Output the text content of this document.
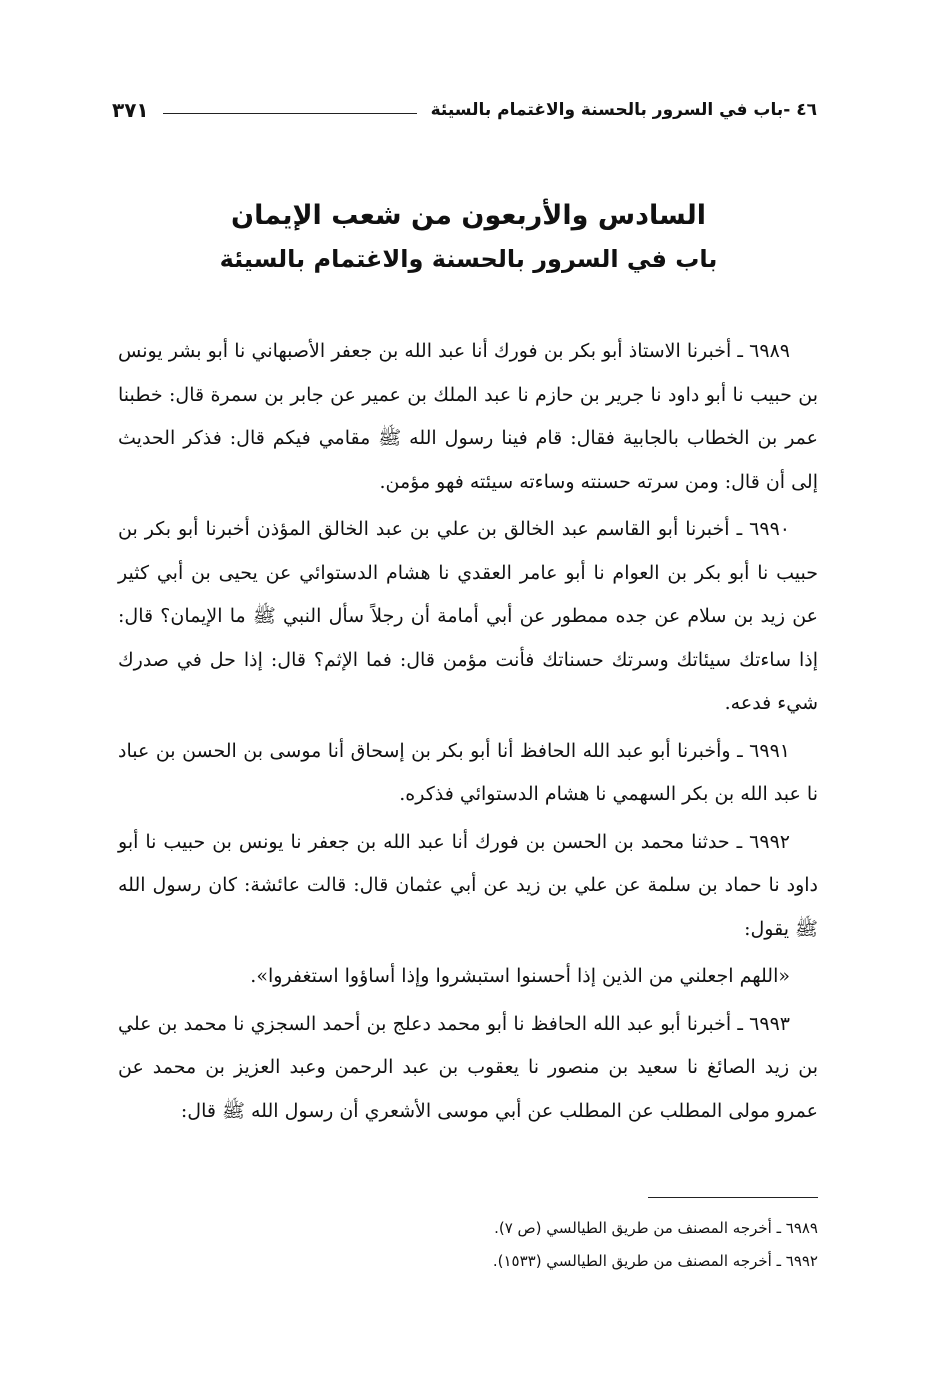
٤٦ -باب في السرور بالحسنة والاغتمام بالسيئة
٣٧١
السادس والأربعون من شعب الإيمان
باب في السرور بالحسنة والاغتمام بالسيئة

٦٩٨٩ ـ أخبرنا الاستاذ أبو بكر بن فورك أنا عبد الله بن جعفر الأصبهاني نا أبو بشر يونس بن حبيب نا أبو داود نا جرير بن حازم نا عبد الملك بن عمير عن جابر بن سمرة قال: خطبنا عمر بن الخطاب بالجابية فقال: قام فينا رسول الله ﷺ مقامي فيكم قال: فذكر الحديث إلى أن قال: ومن سرته حسنته وساءته سيئته فهو مؤمن.

٦٩٩٠ ـ أخبرنا أبو القاسم عبد الخالق بن علي بن عبد الخالق المؤذن أخبرنا أبو بكر بن حبيب نا أبو بكر بن العوام نا أبو عامر العقدي نا هشام الدستوائي عن يحيى بن أبي كثير عن زيد بن سلام عن جده ممطور عن أبي أمامة أن رجلاً سأل النبي ﷺ ما الإيمان؟ قال: إذا ساءتك سيئاتك وسرتك حسناتك فأنت مؤمن قال: فما الإثم؟ قال: إذا حل في صدرك شيء فدعه.

٦٩٩١ ـ وأخبرنا أبو عبد الله الحافظ أنا أبو بكر بن إسحاق أنا موسى بن الحسن بن عباد نا عبد الله بن بكر السهمي نا هشام الدستوائي فذكره.

٦٩٩٢ ـ حدثنا محمد بن الحسن بن فورك أنا عبد الله بن جعفر نا يونس بن حبيب نا أبو داود نا حماد بن سلمة عن علي بن زيد عن أبي عثمان قال: قالت عائشة: كان رسول الله ﷺ يقول:

«اللهم اجعلني من الذين إذا أحسنوا استبشروا وإذا أساؤوا استغفروا».

٦٩٩٣ ـ أخبرنا أبو عبد الله الحافظ نا أبو محمد دعلج بن أحمد السجزي نا محمد بن علي بن زيد الصائغ نا سعيد بن منصور نا يعقوب بن عبد الرحمن وعبد العزيز بن محمد عن عمرو مولى المطلب عن المطلب عن أبي موسى الأشعري أن رسول الله ﷺ قال:

٦٩٨٩ ـ أخرجه المصنف من طريق الطيالسي (ص ٧).

٦٩٩٢ ـ أخرجه المصنف من طريق الطيالسي (١٥٣٣).
